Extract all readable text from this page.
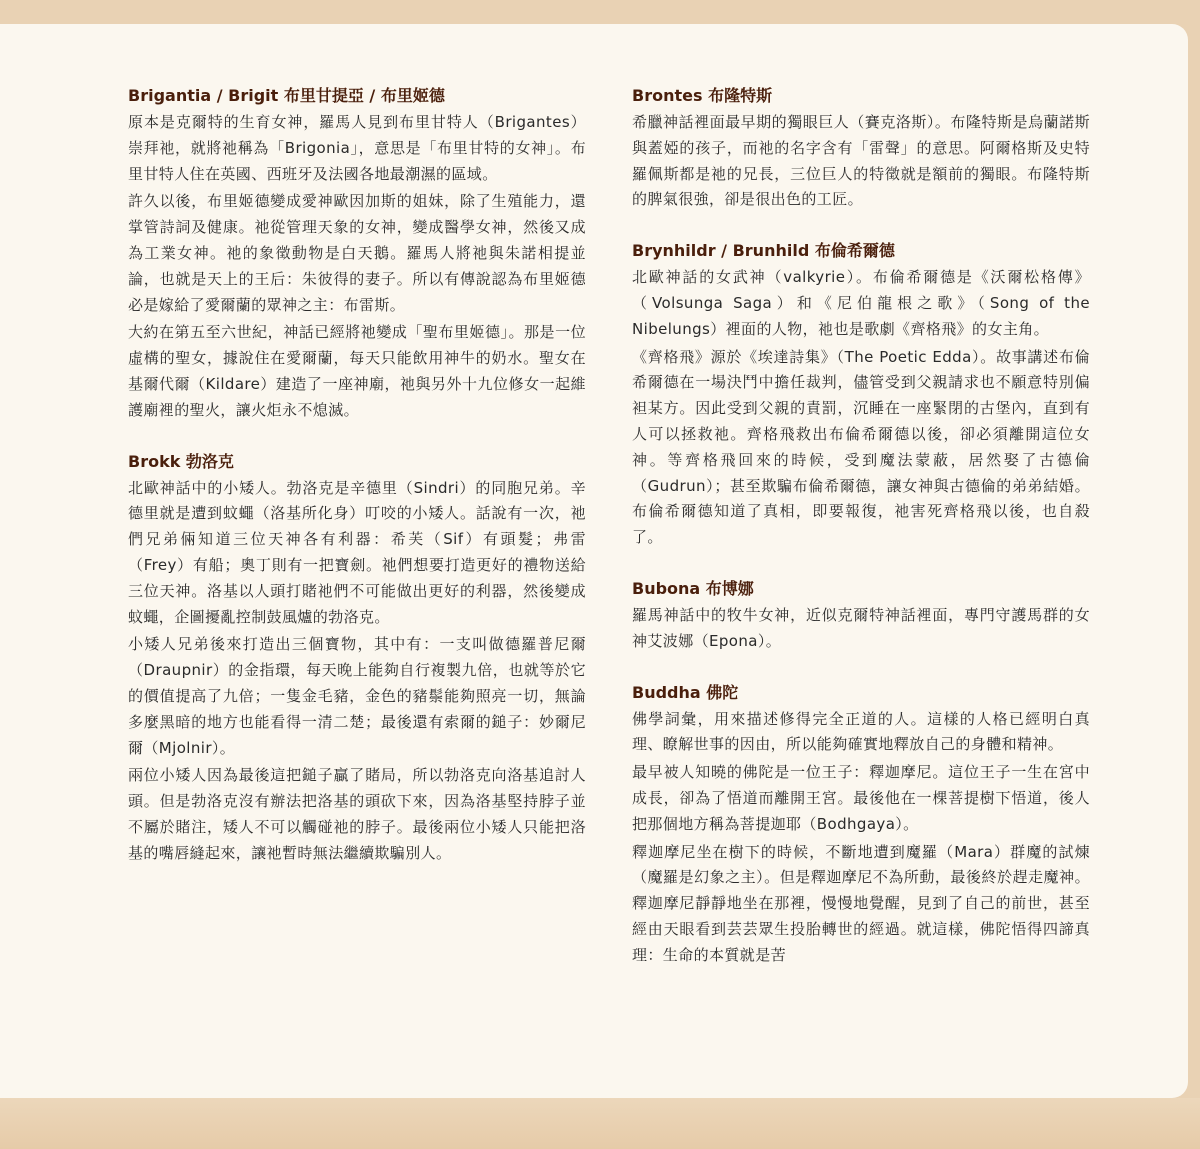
Brigantia / Brigit 布里甘提亞 / 布里姬德

原本是克爾特的生育女神，羅馬人見到布里甘特人（Brigantes）崇拜祂，就將祂稱為「Brigonia」，意思是「布里甘特的女神」。布里甘特人住在英國、西班牙及法國各地最潮濕的區域。

許久以後，布里姬德變成愛神歐因加斯的姐妹，除了生殖能力，還掌管詩詞及健康。祂從管理天象的女神，變成醫學女神，然後又成為工業女神。祂的象徵動物是白天鵝。羅馬人將祂與朱諾相提並論，也就是天上的王后：朱彼得的妻子。所以有傳說認為布里姬德必是嫁給了愛爾蘭的眾神之主：布雷斯。

大約在第五至六世紀，神話已經將祂變成「聖布里姬德」。那是一位虛構的聖女，據說住在愛爾蘭，每天只能飲用神牛的奶水。聖女在基爾代爾（Kildare）建造了一座神廟，祂與另外十九位修女一起維護廟裡的聖火，讓火炬永不熄滅。

Brokk 勃洛克

北歐神話中的小矮人。勃洛克是辛德里（Sindri）的同胞兄弟。辛德里就是遭到蚊蠅（洛基所化身）叮咬的小矮人。話說有一次，祂們兄弟倆知道三位天神各有利器：希芙（Sif）有頭髮；弗雷（Frey）有船；奧丁則有一把寶劍。祂們想要打造更好的禮物送給三位天神。洛基以人頭打賭祂們不可能做出更好的利器，然後變成蚊蠅，企圖擾亂控制鼓風爐的勃洛克。

小矮人兄弟後來打造出三個寶物，其中有：一支叫做德羅普尼爾（Draupnir）的金指環，每天晚上能夠自行複製九倍，也就等於它的價值提高了九倍；一隻金毛豬，金色的豬鬃能夠照亮一切，無論多麼黑暗的地方也能看得一清二楚；最後還有索爾的鎚子：妙爾尼爾（Mjolnir）。

兩位小矮人因為最後這把鎚子贏了賭局，所以勃洛克向洛基追討人頭。但是勃洛克沒有辦法把洛基的頭砍下來，因為洛基堅持脖子並不屬於賭注，矮人不可以觸碰祂的脖子。最後兩位小矮人只能把洛基的嘴唇縫起來，讓祂暫時無法繼續欺騙別人。

Brontes 布隆特斯

希臘神話裡面最早期的獨眼巨人（賽克洛斯）。布隆特斯是烏蘭諾斯與蓋婭的孩子，而祂的名字含有「雷聲」的意思。阿爾格斯及史特羅佩斯都是祂的兄長，三位巨人的特徵就是額前的獨眼。布隆特斯的脾氣很強，卻是很出色的工匠。

Brynhildr / Brunhild 布倫希爾德

北歐神話的女武神（valkyrie）。布倫希爾德是《沃爾松格傳》（Volsunga Saga）和《尼伯龍根之歌》（Song of the Nibelungs）裡面的人物，祂也是歌劇《齊格飛》的女主角。

《齊格飛》源於《埃達詩集》（The Poetic Edda）。故事講述布倫希爾德在一場決鬥中擔任裁判，儘管受到父親請求也不願意特別偏袒某方。因此受到父親的責罰，沉睡在一座緊閉的古堡內，直到有人可以拯救祂。齊格飛救出布倫希爾德以後，卻必須離開這位女神。等齊格飛回來的時候，受到魔法蒙蔽，居然娶了古德倫（Gudrun）；甚至欺騙布倫希爾德，讓女神與古德倫的弟弟結婚。布倫希爾德知道了真相，即要報復，祂害死齊格飛以後，也自殺了。

Bubona 布博娜

羅馬神話中的牧牛女神，近似克爾特神話裡面，專門守護馬群的女神艾波娜（Epona）。

Buddha 佛陀

佛學詞彙，用來描述修得完全正道的人。這樣的人格已經明白真理、瞭解世事的因由，所以能夠確實地釋放自己的身體和精神。

最早被人知曉的佛陀是一位王子：釋迦摩尼。這位王子一生在宮中成長，卻為了悟道而離開王宮。最後他在一棵菩提樹下悟道，後人把那個地方稱為菩提迦耶（Bodhgaya）。

釋迦摩尼坐在樹下的時候，不斷地遭到魔羅（Mara）群魔的試煉（魔羅是幻象之主）。但是釋迦摩尼不為所動，最後終於趕走魔神。釋迦摩尼靜靜地坐在那裡，慢慢地覺醒，見到了自己的前世，甚至經由天眼看到芸芸眾生投胎轉世的經過。就這樣，佛陀悟得四諦真理：生命的本質就是苦
